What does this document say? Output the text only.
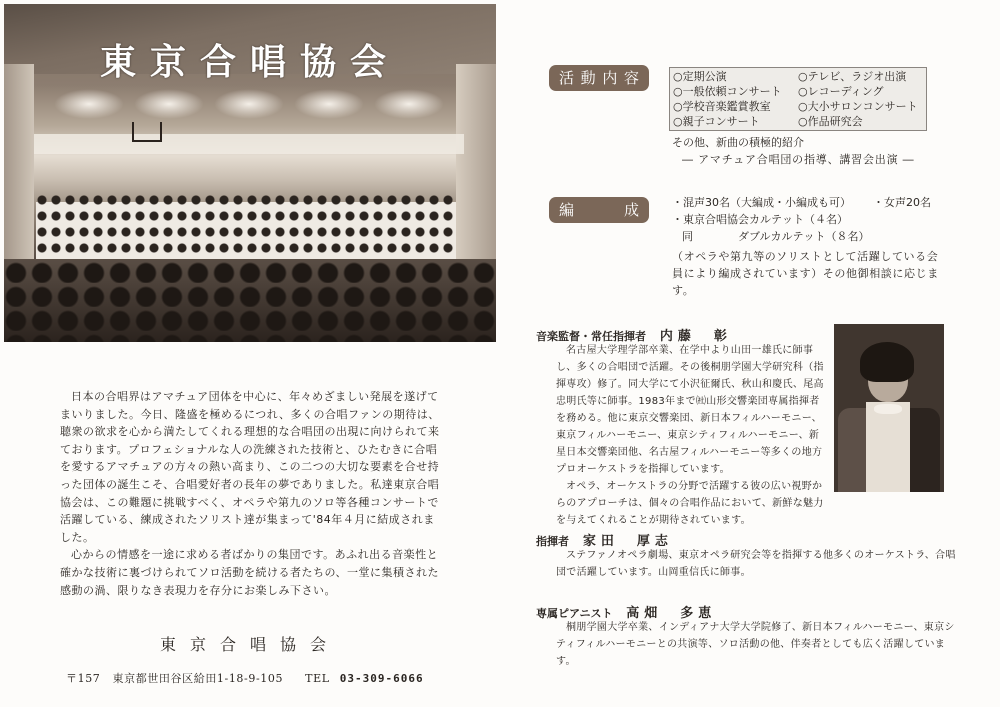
東京合唱協会

日本の合唱界はアマチュア団体を中心に、年々めざましい発展を遂げてまいりました。今日、隆盛を極めるにつれ、多くの合唱ファンの期待は、聴衆の欲求を心から満たしてくれる理想的な合唱団の出現に向けられて来ております。プロフェショナルな人の洗練された技術と、ひたむきに合唱を愛するアマチュアの方々の熱い高まり、この二つの大切な要素を合せ持った団体の誕生こそ、合唱愛好者の長年の夢でありました。私達東京合唱協会は、この難題に挑戦すべく、オペラや第九のソロ等各種コンサートで活躍している、練成されたソリスト達が集まって'84年４月に結成されました。

心からの情感を一途に求める者ばかりの集団です。あふれ出る音楽性と確かな技術に裏づけられてソロ活動を続ける者たちの、一堂に集積された感動の渦、限りなき表現力を存分にお楽しみ下さい。

東京合唱協会
〒157 東京都世田谷区給田1-18-9-105 TEL 03-309-6066
活 動 内 容	○定期公演	○テレビ、ラジオ出演
○一般依頼コンサート	○レコーディング
○学校音楽鑑賞教室	○大小サロンコンサート
○親子コンサート	○作品研究会
その他、新曲の積極的紹介
― アマチュア合唱団の指導、講習会出演 ―
編	成	・混声30名（大編成・小編成も可） ・女声20名
・東京合唱協会カルテット（４名）
同	ダブルカルテット（８名）
（オペラや第九等のソリストとして活躍している会員により編成されています）その他御相談に応じます。
音楽監督・常任指揮者 内藤　彰

名古屋大学理学部卒業、在学中より山田一雄氏に師事し、多くの合唱団で活躍。その後桐朋学園大学研究科（指揮専攻）修了。同大学にて小沢征爾氏、秋山和慶氏、尾高忠明氏等に師事。1983年まで㈳山形交響楽団専属指揮者を務める。他に東京交響楽団、新日本フィルハーモニー、東京フィルハーモニー、東京シティフィルハーモニー、新星日本交響楽団他、名古屋フィルハーモニー等多くの地方プロオーケストラを指揮しています。

オペラ、オーケストラの分野で活躍する彼の広い視野からのアプローチは、個々の合唱作品において、新鮮な魅力を与えてくれることが期待されています。

指揮者 家田　厚志

ステファノオペラ劇場、東京オペラ研究会等を指揮する他多くのオーケストラ、合唱団で活躍しています。山岡重信氏に師事。

専属ピアニスト 高畑　多恵

桐朋学園大学卒業、インディアナ大学大学院修了、新日本フィルハーモニー、東京シティフィルハーモニーとの共演等、ソロ活動の他、伴奏者としても広く活躍しています。
